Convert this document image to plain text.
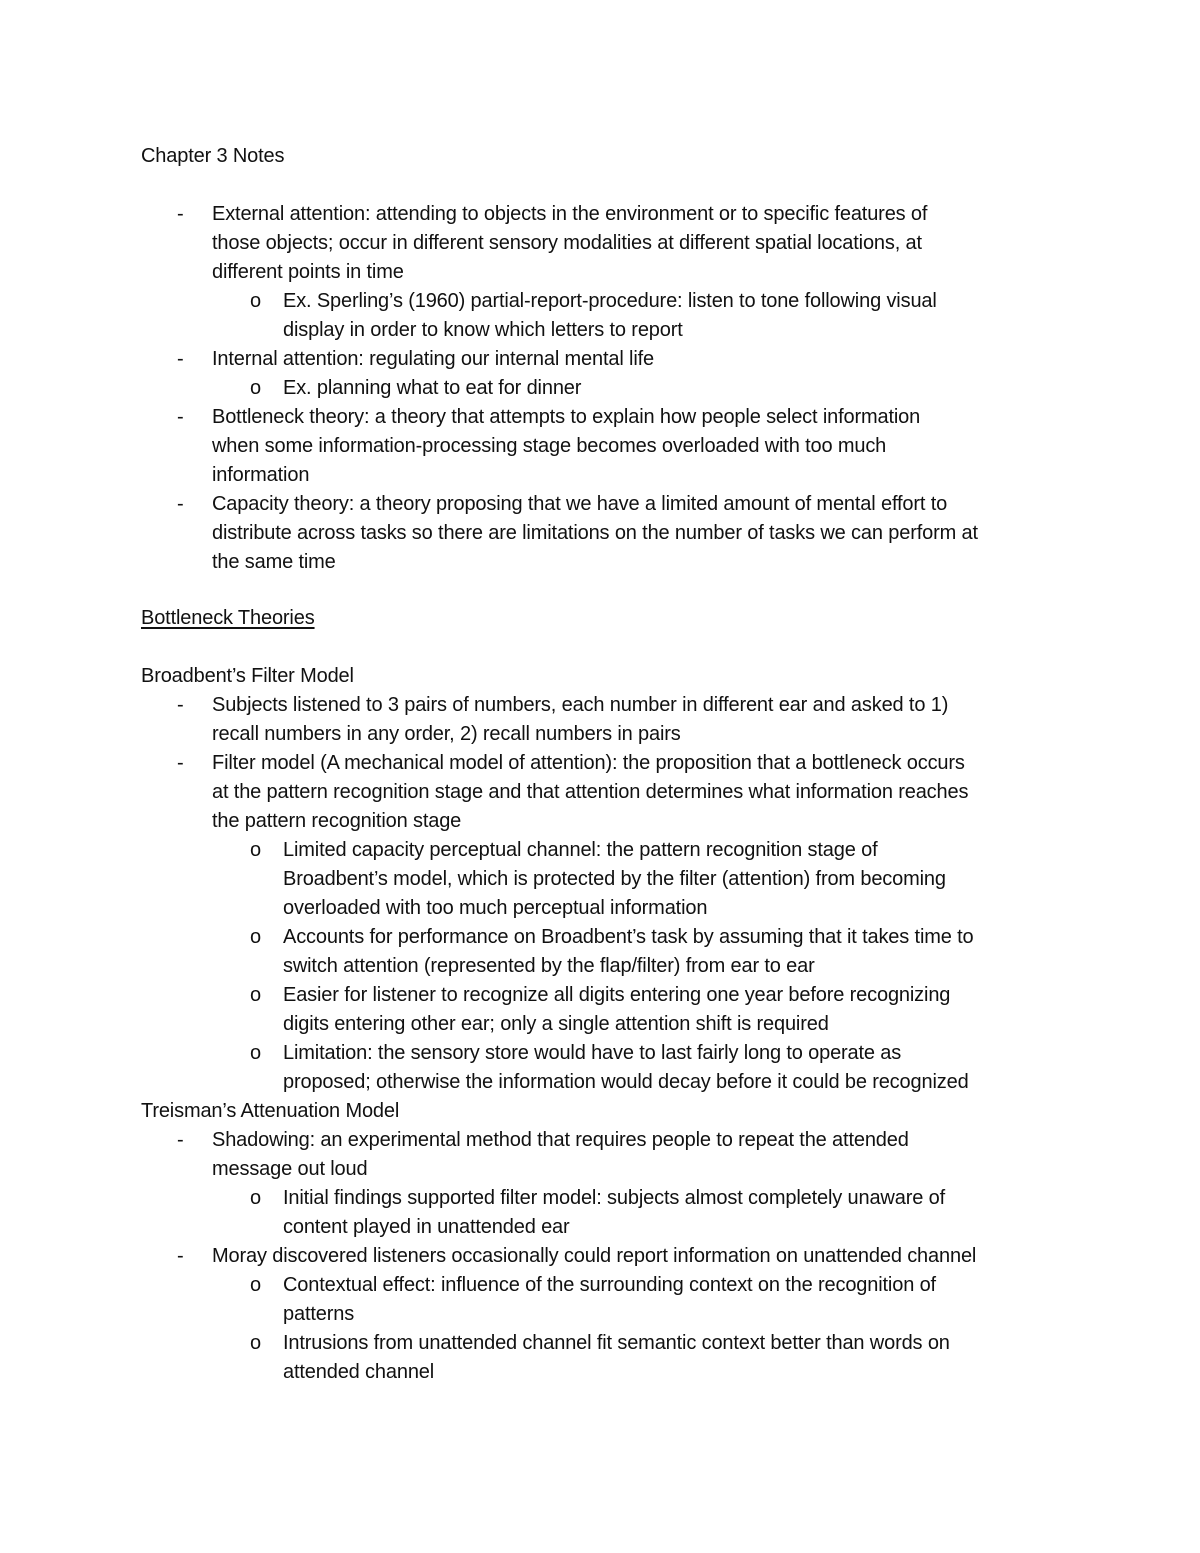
Chapter 3 Notes
- External attention: attending to objects in the environment or to specific features of
those objects; occur in different sensory modalities at different spatial locations, at
different points in time
o Ex. Sperling’s (1960) partial-report-procedure: listen to tone following visual
display in order to know which letters to report
- Internal attention: regulating our internal mental life
o Ex. planning what to eat for dinner
- Bottleneck theory: a theory that attempts to explain how people select information
when some information-processing stage becomes overloaded with too much
information
- Capacity theory: a theory proposing that we have a limited amount of mental effort to
distribute across tasks so there are limitations on the number of tasks we can perform at
the same time
Bottleneck Theories
Broadbent’s Filter Model
- Subjects listened to 3 pairs of numbers, each number in different ear and asked to 1)
recall numbers in any order, 2) recall numbers in pairs
- Filter model (A mechanical model of attention): the proposition that a bottleneck occurs
at the pattern recognition stage and that attention determines what information reaches
the pattern recognition stage
o Limited capacity perceptual channel: the pattern recognition stage of
Broadbent’s model, which is protected by the filter (attention) from becoming
overloaded with too much perceptual information
o Accounts for performance on Broadbent’s task by assuming that it takes time to
switch attention (represented by the flap/filter) from ear to ear
o Easier for listener to recognize all digits entering one year before recognizing
digits entering other ear; only a single attention shift is required
o Limitation: the sensory store would have to last fairly long to operate as
proposed; otherwise the information would decay before it could be recognized
Treisman’s Attenuation Model
- Shadowing: an experimental method that requires people to repeat the attended
message out loud
o Initial findings supported filter model: subjects almost completely unaware of
content played in unattended ear
- Moray discovered listeners occasionally could report information on unattended channel
o Contextual effect: influence of the surrounding context on the recognition of
patterns
o Intrusions from unattended channel fit semantic context better than words on
attended channel
